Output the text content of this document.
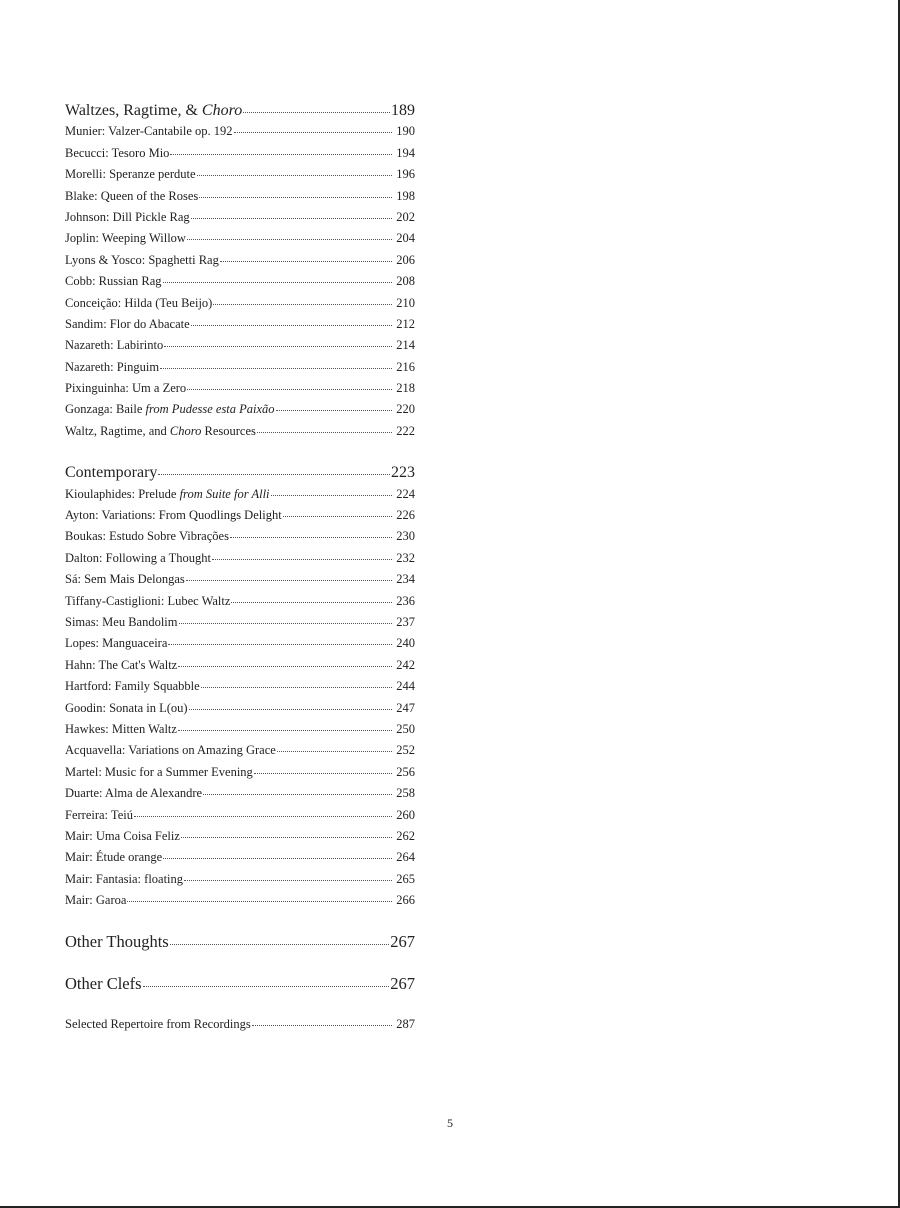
Waltzes, Ragtime, & Choro	189
Munier: Valzer-Cantabile op. 192	190
Becucci: Tesoro Mio	194
Morelli: Speranze perdute	196
Blake: Queen of the Roses	198
Johnson: Dill Pickle Rag	202
Joplin: Weeping Willow	204
Lyons & Yosco: Spaghetti Rag	206
Cobb: Russian Rag	208
Conceição: Hilda (Teu Beijo)	210
Sandim: Flor do Abacate	212
Nazareth: Labirinto	214
Nazareth: Pinguim	216
Pixinguinha: Um a Zero	218
Gonzaga: Baile from Pudesse esta Paixão	220
Waltz, Ragtime, and Choro Resources	222
Contemporary	223
Kioulaphides: Prelude from Suite for Alli	224
Ayton: Variations: From Quodlings Delight	226
Boukas: Estudo Sobre Vibrações	230
Dalton: Following a Thought	232
Sá: Sem Mais Delongas	234
Tiffany-Castiglioni: Lubec Waltz	236
Simas: Meu Bandolim	237
Lopes: Manguaceira	240
Hahn: The Cat's Waltz	242
Hartford: Family Squabble	244
Goodin: Sonata in L(ou)	247
Hawkes: Mitten Waltz	250
Acquavella: Variations on Amazing Grace	252
Martel: Music for a Summer Evening	256
Duarte: Alma de Alexandre	258
Ferreira: Teiú	260
Mair: Uma Coisa Feliz	262
Mair: Étude orange	264
Mair: Fantasia: floating	265
Mair: Garoa	266
Other Thoughts	267
Other Clefs	267
Selected Repertoire from Recordings	287
5
